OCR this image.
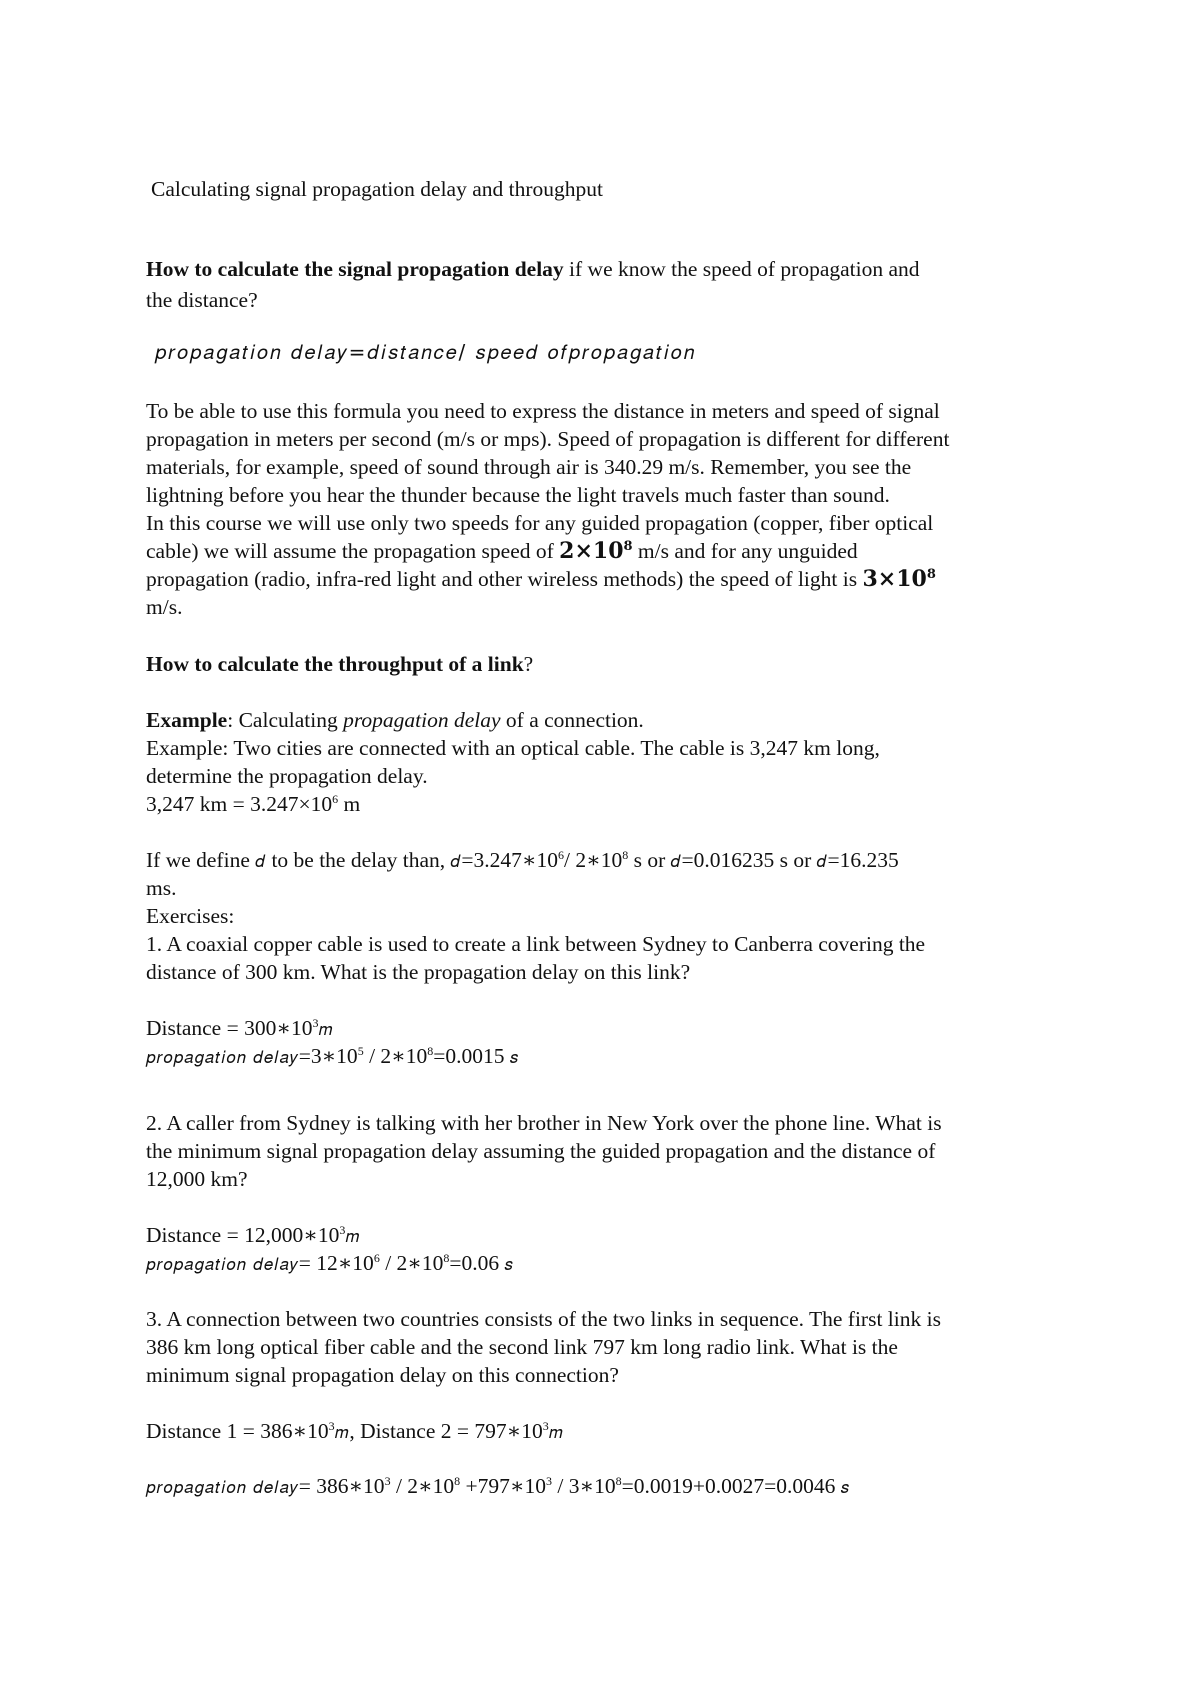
Calculating signal propagation delay and throughput
How to calculate the signal propagation delay if we know the speed of propagation and
the distance?
𝑝𝑟𝑜𝑝𝑎𝑔𝑎𝑡𝑖𝑜𝑛 𝑑𝑒𝑙𝑎𝑦=𝑑𝑖𝑠𝑡𝑎𝑛𝑐𝑒/ 𝑠𝑝𝑒𝑒𝑑 𝑜𝑓𝑝𝑟𝑜𝑝𝑎𝑔𝑎𝑡𝑖𝑜𝑛
To be able to use this formula you need to express the distance in meters and speed of signal
propagation in meters per second (m/s or mps). Speed of propagation is different for different
materials, for example, speed of sound through air is 340.29 m/s. Remember, you see the
lightning before you hear the thunder because the light travels much faster than sound.
In this course we will use only two speeds for any guided propagation (copper, fiber optical
cable) we will assume the propagation speed of $2\times 10^8$ m/s and for any unguided
propagation (radio, infra-red light and other wireless methods) the speed of light is $3\times 10^8$
m/s.
How to calculate the throughput of a link?
Example: Calculating propagation delay of a connection.
Example: Two cities are connected with an optical cable. The cable is 3,247 km long,
determine the propagation delay.
3,247 km = $3.247\times 10^6$ m
If we define 𝑑 to be the delay than, $𝑑=3.247∗10^6/$ $2∗10^8$ s or 𝑑=0.016235 s or 𝑑=16.235
ms.
Exercises:
1. A coaxial copper cable is used to create a link between Sydney to Canberra covering the
distance of 300 km. What is the propagation delay on this link?
Distance = $300∗10^3𝑚$
𝑝𝑟𝑜𝑝𝑎𝑔𝑎𝑡𝑖𝑜𝑛 $𝑑𝑒𝑙𝑎𝑦=3∗10^5$ / $2∗10^8=0.0015$ 𝑠
2. A caller from Sydney is talking with her brother in New York over the phone line. What is
the minimum signal propagation delay assuming the guided propagation and the distance of
12,000 km?
Distance = $12,000∗10^3𝑚$
𝑝𝑟𝑜𝑝𝑎𝑔𝑎𝑡𝑖𝑜𝑛 𝑑𝑒𝑙𝑎𝑦= $12∗10^6$ / $2∗10^8=0.06$ 𝑠
3. A connection between two countries consists of the two links in sequence. The first link is
386 km long optical fiber cable and the second link 797 km long radio link. What is the
minimum signal propagation delay on this connection?
Distance $1 = 386∗10^3𝑚$, Distance $2 = 797∗10^3𝑚$
𝑝𝑟𝑜𝑝𝑎𝑔𝑎𝑡𝑖𝑜𝑛 𝑑𝑒𝑙𝑎𝑦= $386∗10^3$ / $2∗10^8$ $+797∗10^3$ / $3∗10^8=0.0019+0.0027=0.0046$ 𝑠
